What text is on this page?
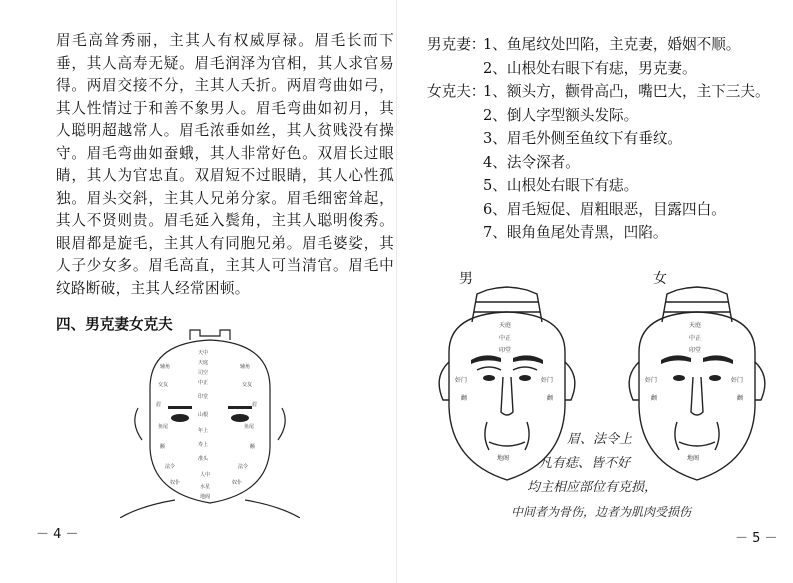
眉毛高耸秀丽，主其人有权威厚禄。眉毛长而下垂，其人高寿无疑。眉毛润泽为官相，其人求官易得。两眉交接不分，主其人夭折。两眉弯曲如弓，其人性情过于和善不象男人。眉毛弯曲如初月，其人聪明超越常人。眉毛浓垂如丝，其人贫贱没有操守。眉毛弯曲如蚕蛾，其人非常好色。双眉长过眼睛，其人为官忠直。双眉短不过眼睛，其人心性孤独。眉头交斜，主其人兄弟分家。眉毛细密耸起，其人不贤则贵。眉毛延入鬓角，主其人聪明俊秀。眼眉都是旋毛，主其人有同胞兄弟。眉毛婆娑，其人子少女多。眉毛高直，主其人可当清官。眉毛中纹路断破，主其人经常困顿。

四、男克妻女克夫
天中
天庭
司空
中正
印堂
山根
年上
寿上
准头
人中
水星
地阁
辅角	辅角
交友	交友
眉	眉
鱼尾	鱼尾
颧	颧
法令	法令
奴仆	奴仆
－ 4 －
男克妻：
1、鱼尾纹处凹陷，主克妻，婚姻不顺。
2、山根处右眼下有痣，男克妻。
女克夫：
1、额头方，颧骨高凸，嘴巴大，主下三夫。
2、倒人字型额头发际。
3、眉毛外侧至鱼纹下有垂纹。
4、法令深者。
5、山根处右眼下有痣。
6、眉毛短促、眉粗眼恶，目露四白。
7、眼角鱼尾处青黑，凹陷。
男	女
天庭
中正
印堂
奸门	奸门
颧	颧
地阁
天庭
中正
印堂
奸门	奸门
颧	颧
地阁
眉、法令上
凡有痣、皆不好
均主相应部位有克损，
中间者为骨伤，边者为肌肉受损伤
－ 5 －
